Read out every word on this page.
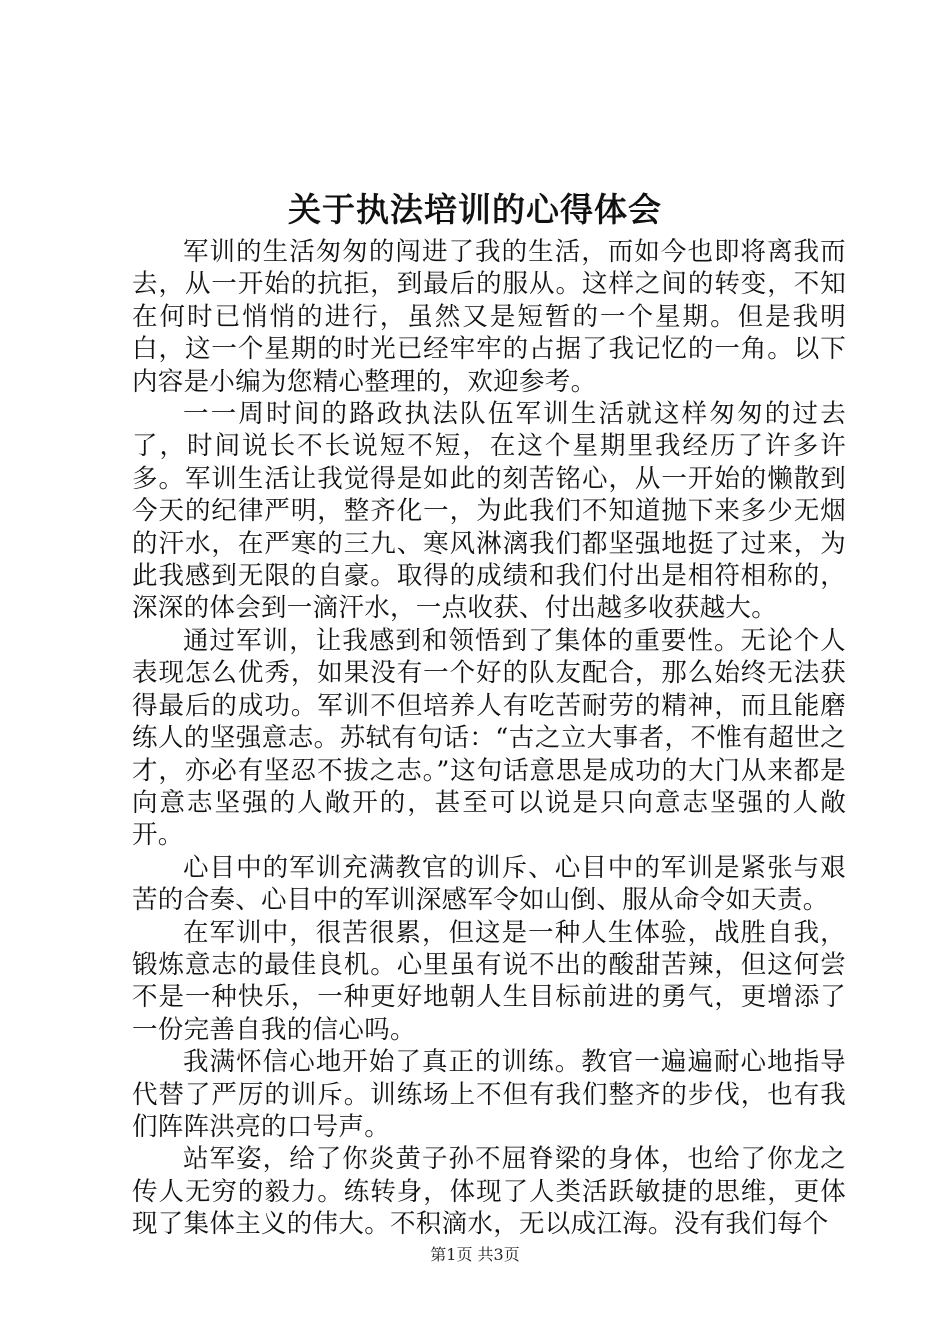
关于执法培训的心得体会

军训的生活匆匆的闯进了我的生活，而如今也即将离我而去，从一开始的抗拒，到最后的服从。这样之间的转变，不知在何时已悄悄的进行，虽然又是短暂的一个星期。但是我明白，这一个星期的时光已经牢牢的占据了我记忆的一角。以下内容是小编为您精心整理的，欢迎参考。

一一周时间的路政执法队伍军训生活就这样匆匆的过去了，时间说长不长说短不短，在这个星期里我经历了许多许多。军训生活让我觉得是如此的刻苦铭心，从一开始的懒散到今天的纪律严明，整齐化一，为此我们不知道抛下来多少无烟的汗水，在严寒的三九、寒风淋漓我们都坚强地挺了过来，为此我感到无限的自豪。取得的成绩和我们付出是相符相称的，深深的体会到一滴汗水，一点收获、付出越多收获越大。

通过军训，让我感到和领悟到了集体的重要性。无论个人表现怎么优秀，如果没有一个好的队友配合，那么始终无法获得最后的成功。军训不但培养人有吃苦耐劳的精神，而且能磨练人的坚强意志。苏轼有句话：“古之立大事者，不惟有超世之才，亦必有坚忍不拔之志。”这句话意思是成功的大门从来都是向意志坚强的人敞开的，甚至可以说是只向意志坚强的人敞开。

心目中的军训充满教官的训斥、心目中的军训是紧张与艰苦的合奏、心目中的军训深感军令如山倒、服从命令如天责。

在军训中，很苦很累，但这是一种人生体验，战胜自我，锻炼意志的最佳良机。心里虽有说不出的酸甜苦辣，但这何尝不是一种快乐，一种更好地朝人生目标前进的勇气，更增添了一份完善自我的信心吗。

我满怀信心地开始了真正的训练。教官一遍遍耐心地指导代替了严厉的训斥。训练场上不但有我们整齐的步伐，也有我们阵阵洪亮的口号声。

站军姿，给了你炎黄子孙不屈脊梁的身体，也给了你龙之传人无穷的毅力。练转身，体现了人类活跃敏捷的思维，更体现了集体主义的伟大。不积滴水，无以成江海。没有我们每个

第1页 共3页
